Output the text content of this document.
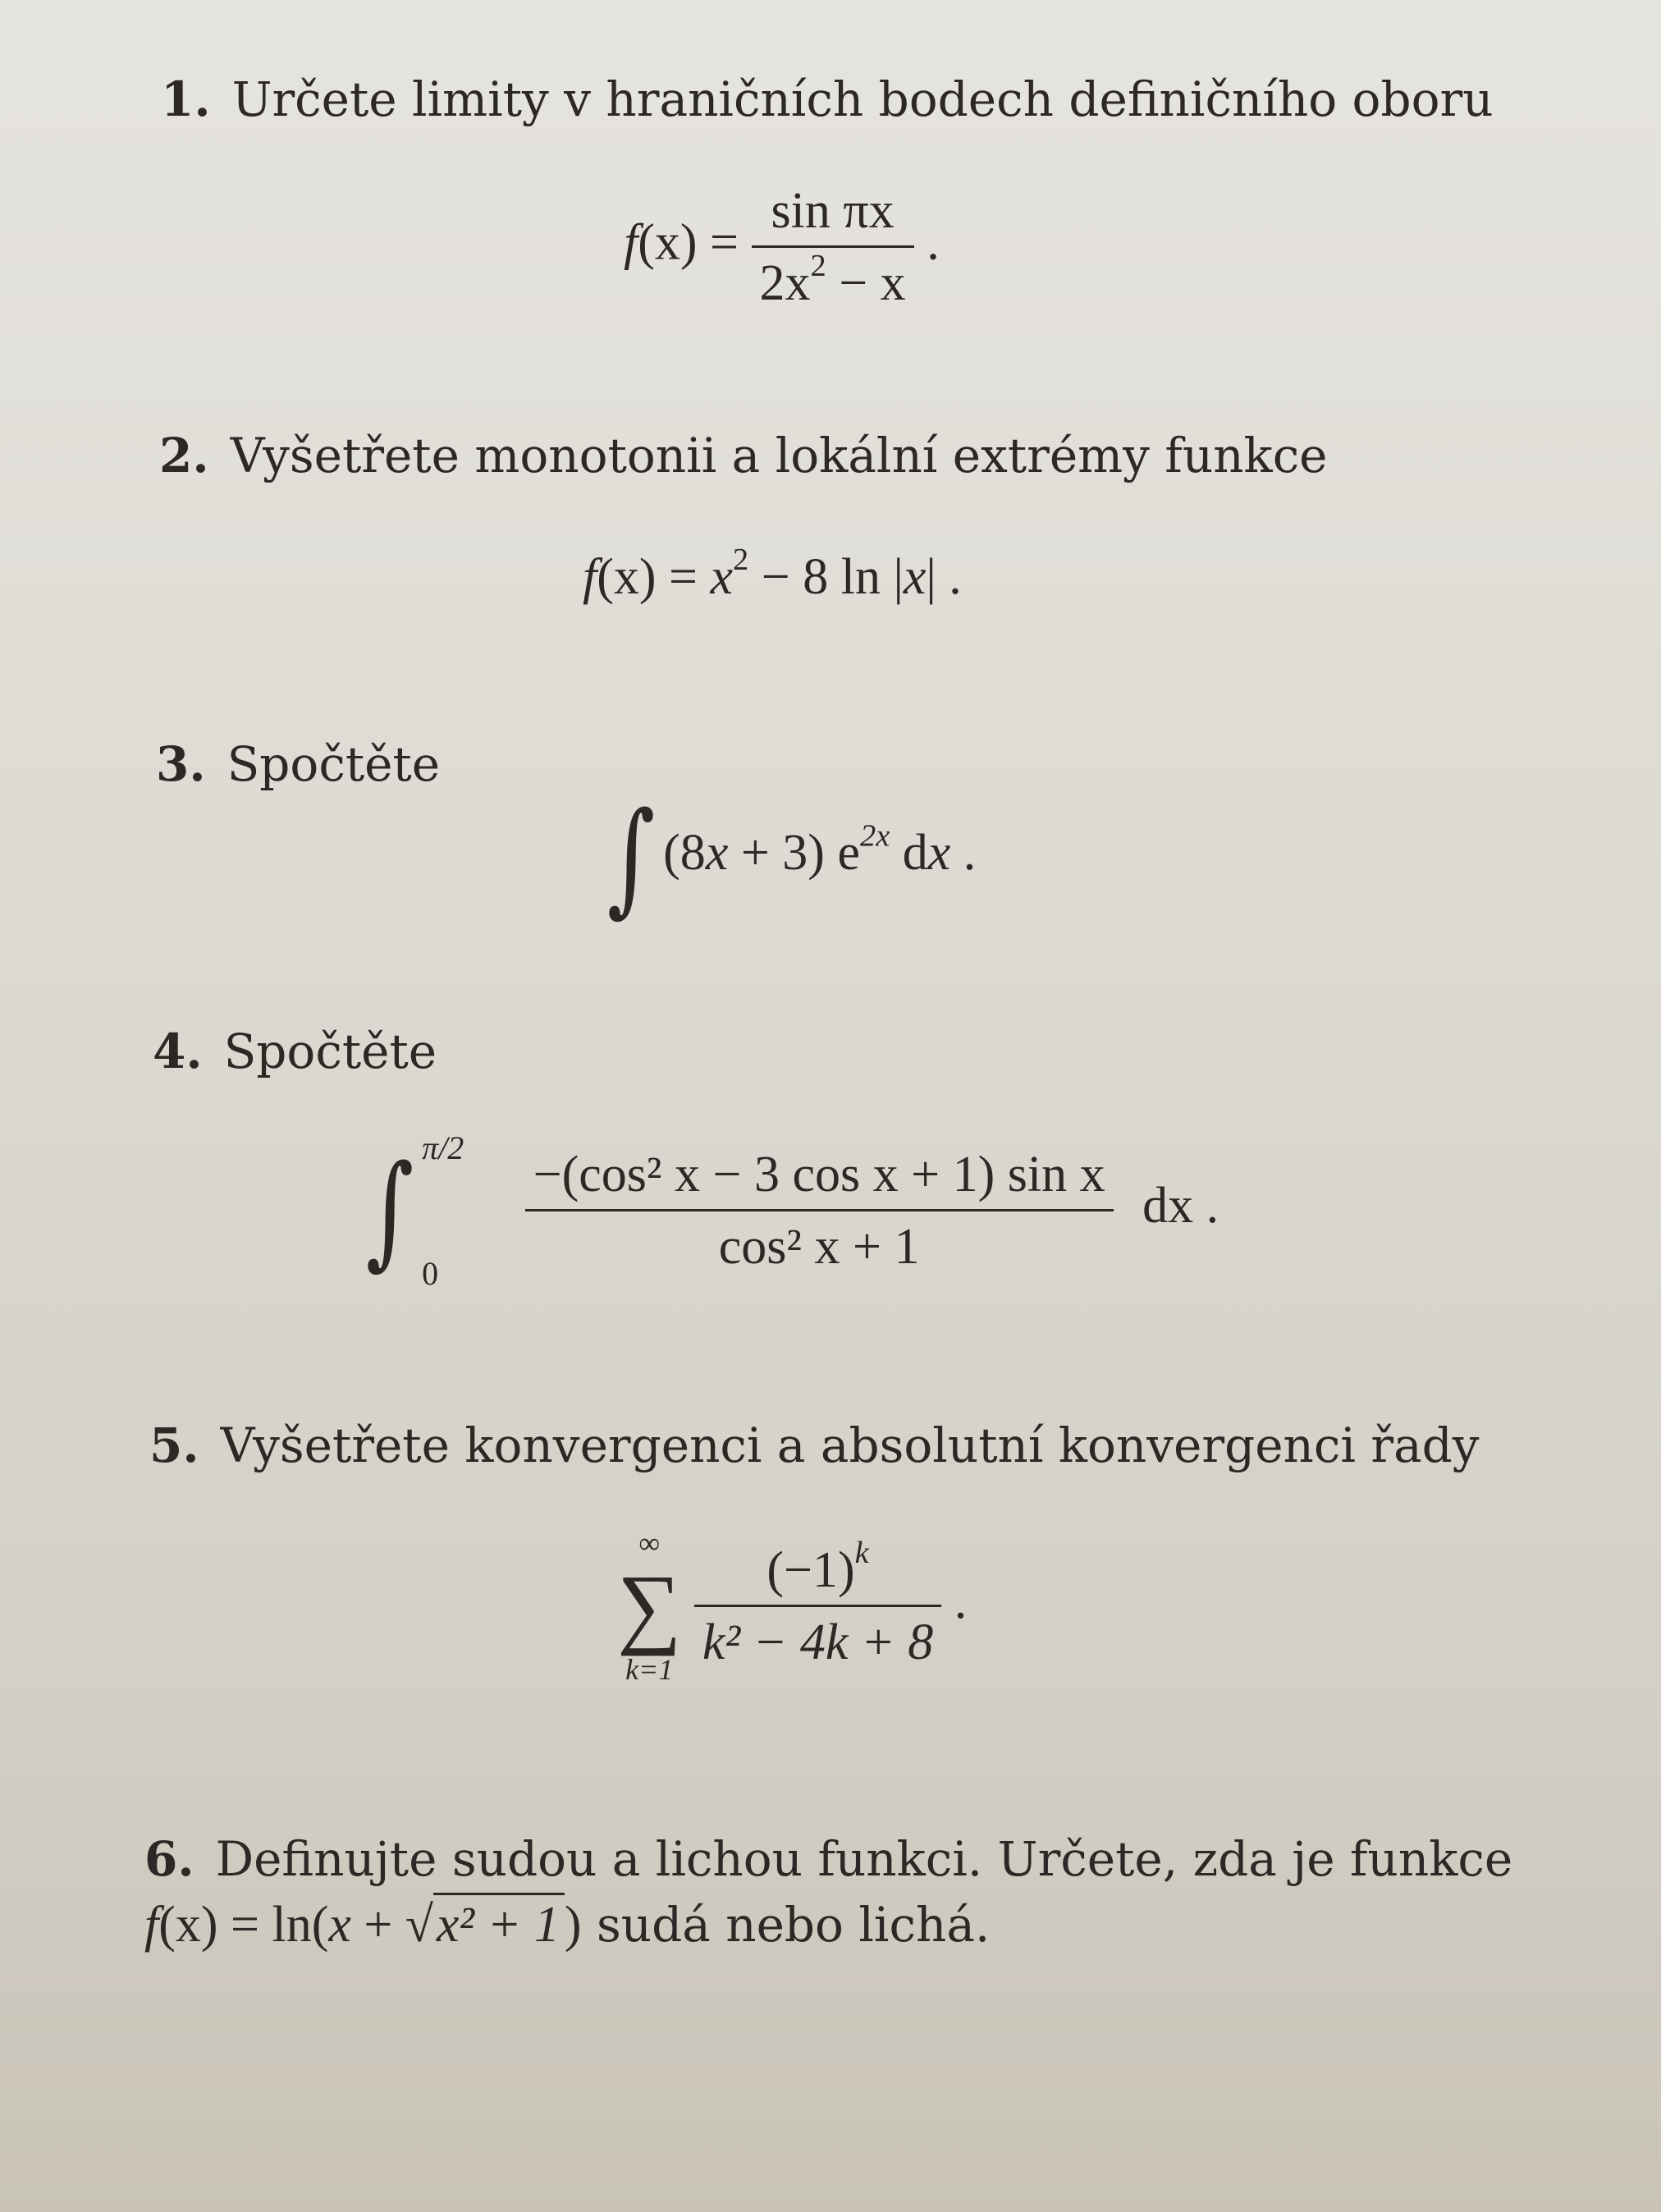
1. Určete limity v hraničních bodech definičního oboru
$f(x) = \frac{\text{sin πx}}{2x^2 - x}$ .
2. Vyšetřete monotonii a lokální extrémy funkce
$f(x) = x^2 - 8$ ln |x| .
3. Spočtěte
∫ (8x + 3) $e^{2x}$ dx .
4. Spočtěte
∫ π/2
0
$\frac{\text{−(cos² x − 3 cos x + 1) sin x}}{\text{cos² x + 1}}$ dx .
5. Vyšetřete konvergenci a absolutní konvergenci řady
∞
∑
$k=1 \frac{(-1)^k}{\text{k² − 4k + 8}}$ .
6. Definujte sudou a lichou funkci. Určete, zda je funkce
f(x) = ln(x + √x² + 1) sudá nebo lichá.
